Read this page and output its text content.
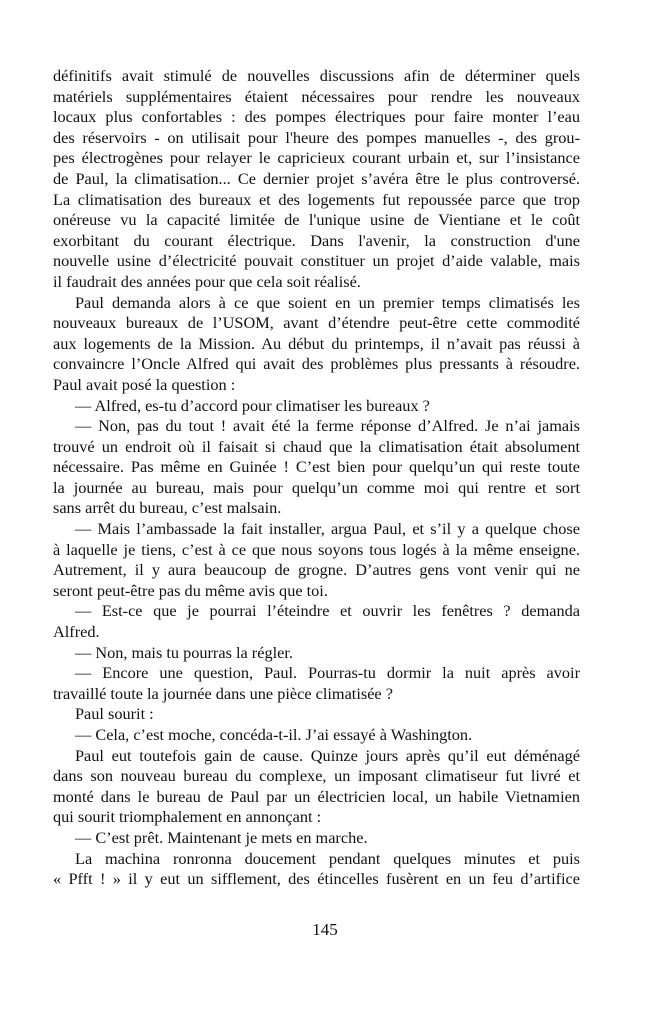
définitifs avait stimulé de nouvelles discussions afin de déterminer quels
matériels supplémentaires étaient nécessaires pour rendre les nouveaux
locaux plus confortables : des pompes électriques pour faire monter l’eau
des réservoirs - on utilisait pour l'heure des pompes manuelles -, des grou-
pes électrogènes pour relayer le capricieux courant urbain et, sur l’insistance
de Paul, la climatisation... Ce dernier projet s’avéra être le plus controversé.
La climatisation des bureaux et des logements fut repoussée parce que trop
onéreuse vu la capacité limitée de l'unique usine de Vientiane et le coût
exorbitant du courant électrique. Dans l'avenir, la construction d'une
nouvelle usine d’électricité pouvait constituer un projet d’aide valable, mais
il faudrait des années pour que cela soit réalisé.
Paul demanda alors à ce que soient en un premier temps climatisés les
nouveaux bureaux de l’USOM, avant d’étendre peut-être cette commodité
aux logements de la Mission. Au début du printemps, il n’avait pas réussi à
convaincre l’Oncle Alfred qui avait des problèmes plus pressants à résoudre.
Paul avait posé la question :
— Alfred, es-tu d’accord pour climatiser les bureaux ?
— Non, pas du tout ! avait été la ferme réponse d’Alfred. Je n’ai jamais
trouvé un endroit où il faisait si chaud que la climatisation était absolument
nécessaire. Pas même en Guinée ! C’est bien pour quelqu’un qui reste toute
la journée au bureau, mais pour quelqu’un comme moi qui rentre et sort
sans arrêt du bureau, c’est malsain.
— Mais l’ambassade la fait installer, argua Paul, et s’il y a quelque chose
à laquelle je tiens, c’est à ce que nous soyons tous logés à la même enseigne.
Autrement, il y aura beaucoup de grogne. D’autres gens vont venir qui ne
seront peut-être pas du même avis que toi.
— Est-ce que je pourrai l’éteindre et ouvrir les fenêtres ? demanda
Alfred.
— Non, mais tu pourras la régler.
— Encore une question, Paul. Pourras-tu dormir la nuit après avoir
travaillé toute la journée dans une pièce climatisée ?
Paul sourit :
— Cela, c’est moche, concéda-t-il. J’ai essayé à Washington.
Paul eut toutefois gain de cause. Quinze jours après qu’il eut déménagé
dans son nouveau bureau du complexe, un imposant climatiseur fut livré et
monté dans le bureau de Paul par un électricien local, un habile Vietnamien
qui sourit triomphalement en annonçant :
— C’est prêt. Maintenant je mets en marche.
La machina ronronna doucement pendant quelques minutes et puis
« Pfft ! » il y eut un sifflement, des étincelles fusèrent en un feu d’artifice
145
